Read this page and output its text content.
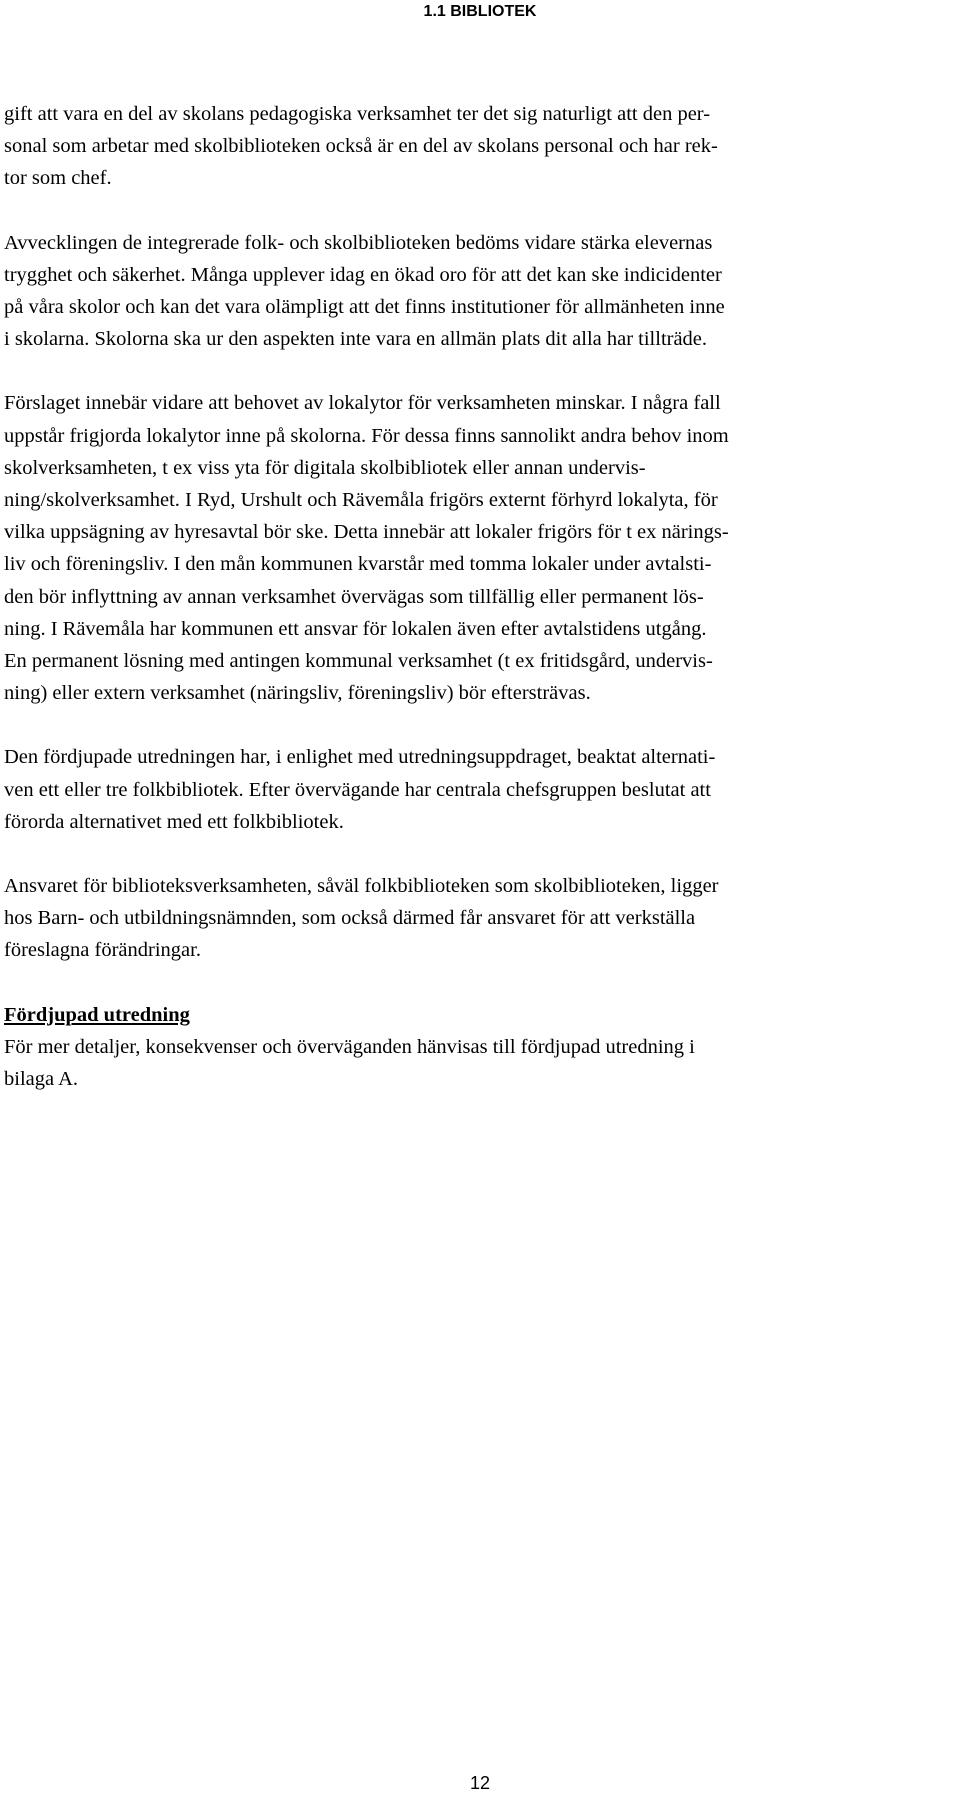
1.1 BIBLIOTEK

gift att vara en del av skolans pedagogiska verksamhet ter det sig naturligt att den per-
sonal som arbetar med skolbiblioteken också är en del av skolans personal och har rek-
tor som chef.

Avvecklingen de integrerade folk- och skolbiblioteken bedöms vidare stärka elevernas
trygghet och säkerhet. Många upplever idag en ökad oro för att det kan ske indicidenter
på våra skolor och kan det vara olämpligt att det finns institutioner för allmänheten inne
i skolarna. Skolorna ska ur den aspekten inte vara en allmän plats dit alla har tillträde.

Förslaget innebär vidare att behovet av lokalytor för verksamheten minskar. I några fall
uppstår frigjorda lokalytor inne på skolorna. För dessa finns sannolikt andra behov inom
skolverksamheten, t ex viss yta för digitala skolbibliotek eller annan undervis-
ning/skolverksamhet. I Ryd, Urshult och Rävemåla frigörs externt förhyrd lokalyta, för
vilka uppsägning av hyresavtal bör ske. Detta innebär att lokaler frigörs för t ex närings-
liv och föreningsliv. I den mån kommunen kvarstår med tomma lokaler under avtalsti-
den bör inflyttning av annan verksamhet övervägas som tillfällig eller permanent lös-
ning. I Rävemåla har kommunen ett ansvar för lokalen även efter avtalstidens utgång.
En permanent lösning med antingen kommunal verksamhet (t ex fritidsgård, undervis-
ning) eller extern verksamhet (näringsliv, föreningsliv) bör eftersträvas.

Den fördjupade utredningen har, i enlighet med utredningsuppdraget, beaktat alternati-
ven ett eller tre folkbibliotek. Efter övervägande har centrala chefsgruppen beslutat att
förorda alternativet med ett folkbibliotek.

Ansvaret för biblioteksverksamheten, såväl folkbiblioteken som skolbiblioteken, ligger
hos Barn- och utbildningsnämnden, som också därmed får ansvaret för att verkställa
föreslagna förändringar.

Fördjupad utredning
För mer detaljer, konsekvenser och överväganden hänvisas till fördjupad utredning i
bilaga A.

12
